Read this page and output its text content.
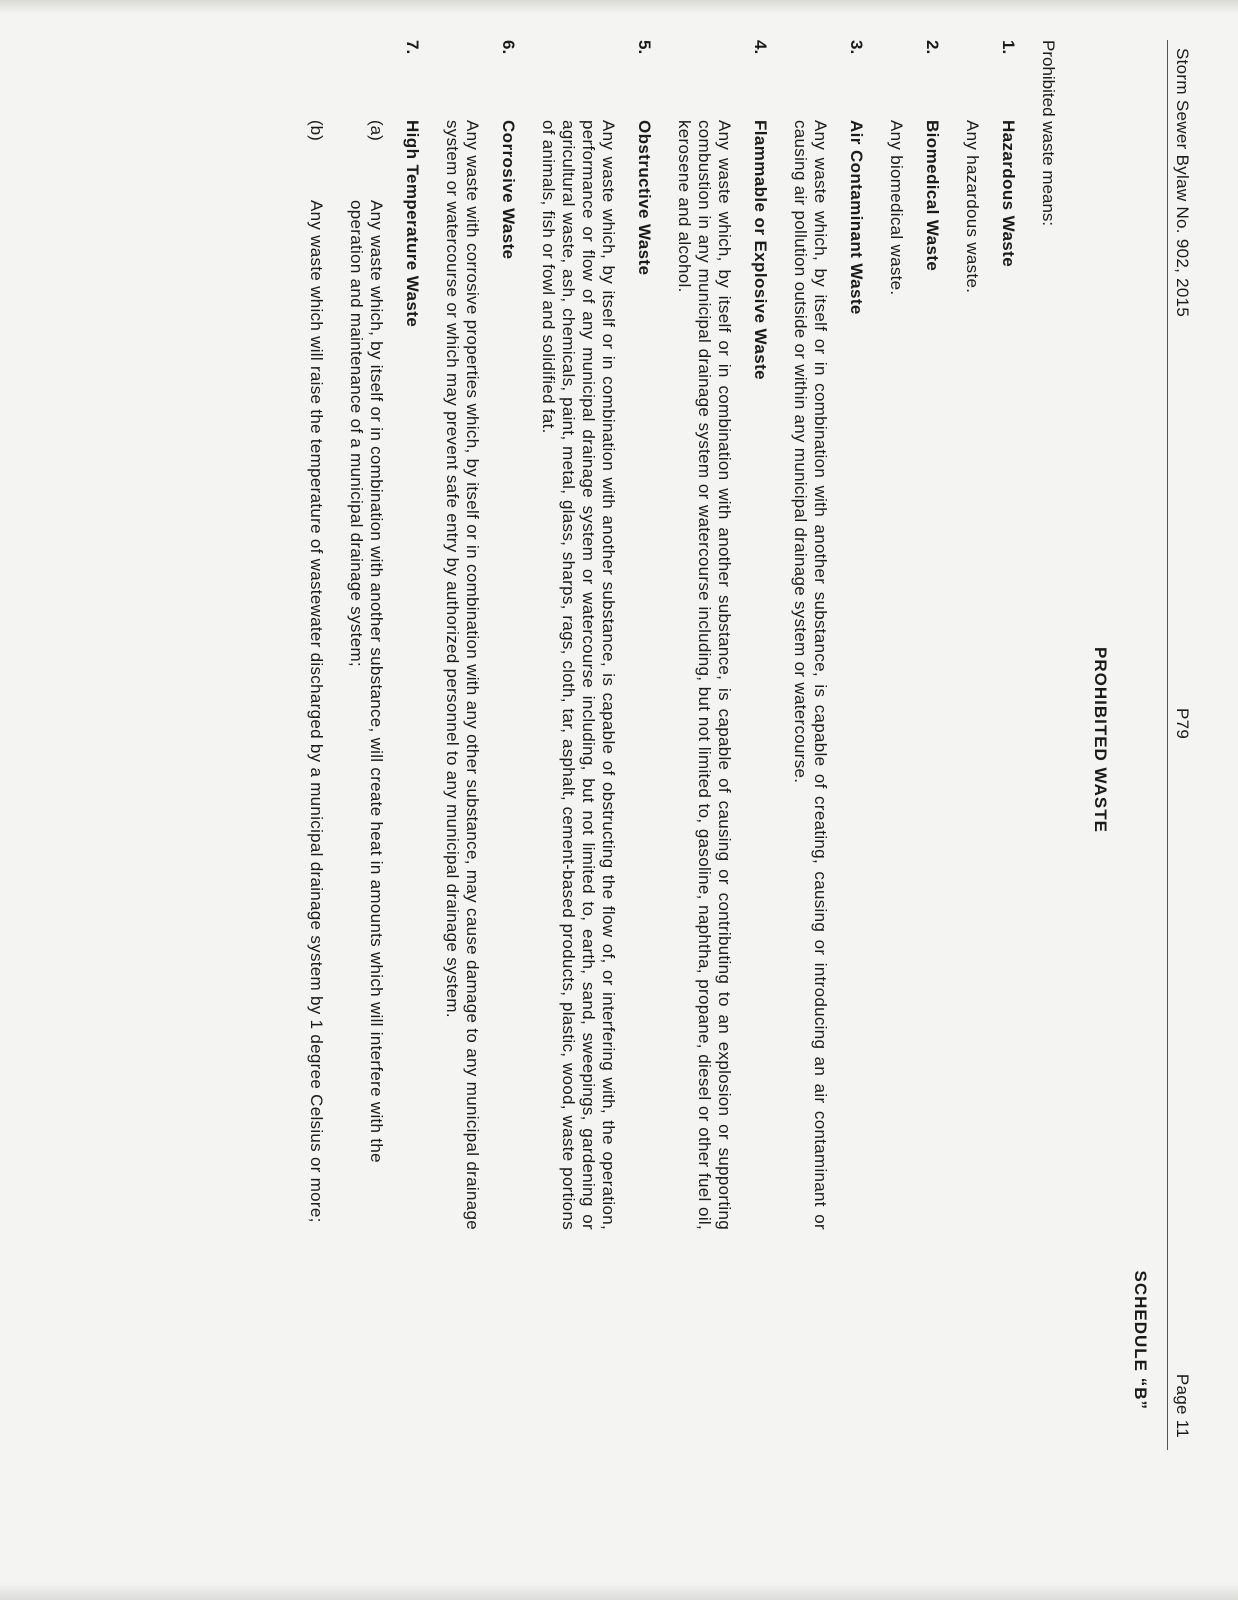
Storm Sewer Bylaw No. 902, 2015
P79
Page 11
SCHEDULE “B”
PROHIBITED WASTE
Prohibited waste means:
1.

Hazardous Waste

Any hazardous waste.

2.

Biomedical Waste

Any biomedical waste.

3.

Air Contaminant Waste

Any waste which, by itself or in combination with another substance, is capable of creating, causing or introducing an air contaminant or causing air pollution outside or within any municipal drainage system or watercourse.

4.

Flammable or Explosive Waste

Any waste which, by itself or in combination with another substance, is capable of causing or contributing to an explosion or supporting combustion in any municipal drainage system or watercourse including, but not limited to, gasoline, naphtha, propane, diesel or other fuel oil, kerosene and alcohol.

5.

Obstructive Waste

Any waste which, by itself or in combination with another substance, is capable of obstructing the flow of, or interfering with, the operation, performance or flow of any municipal drainage system or watercourse including, but not limited to, earth, sand, sweepings, gardening or agricultural waste, ash, chemicals, paint, metal, glass, sharps, rags, cloth, tar, asphalt, cement-based products, plastic, wood, waste portions of animals, fish or fowl and solidified fat.

6.

Corrosive Waste

Any waste with corrosive properties which, by itself or in combination with any other substance, may cause damage to any municipal drainage system or watercourse or which may prevent safe entry by authorized personnel to any municipal drainage system.

7.

High Temperature Waste

(a)
Any waste which, by itself or in combination with another substance, will create heat in amounts which will interfere with the operation and maintenance of a municipal drainage system;
(b)
Any waste which will raise the temperature of wastewater discharged by a municipal drainage system by 1 degree Celsius or more;
